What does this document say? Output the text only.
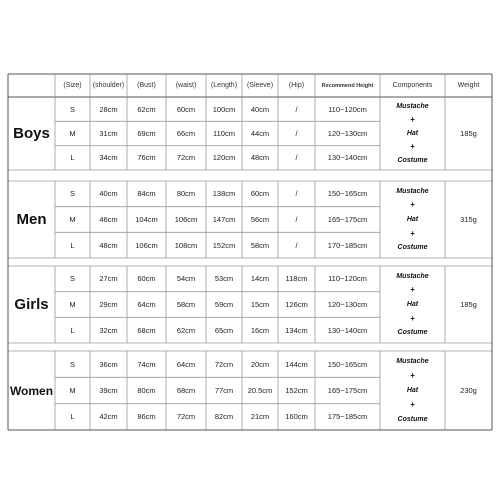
(Size)	(shoulder)	(Bust)	(waist)	(Length)	(Sleeve)	(Hip)	Recommend Height	Components	Weight
Boys
S	28cm	62cm	60cm	100cm	40cm	/	110~120cm
M	31cm	69cm	66cm	110cm	44cm	/	120~130cm
L	34cm	76cm	72cm	120cm	48cm	/	130~140cm
Mustache
+
Hat
+
Costume
185g
Men
S	40cm	84cm	80cm	138cm	60cm	/	150~165cm
M	46cm	104cm	106cm	147cm	56cm	/	165~175cm
L	48cm	106cm	108cm	152cm	58cm	/	170~185cm
Mustache
+
Hat
+
Costume
315g
Girls
S	27cm	60cm	54cm	53cm	14cm	118cm	110~120cm
M	29cm	64cm	58cm	59cm	15cm	126cm	120~130cm
L	32cm	68cm	62cm	65cm	16cm	134cm	130~140cm
Mustache
+
Hat
+
Costume
185g
Women
S	36cm	74cm	64cm	72cm	20cm	144cm	150~165cm
M	39cm	80cm	68cm	77cm	20.5cm	152cm	165~175cm
L	42cm	86cm	72cm	82cm	21cm	160cm	175~185cm
Mustache
+
Hat
+
Costume
230g
